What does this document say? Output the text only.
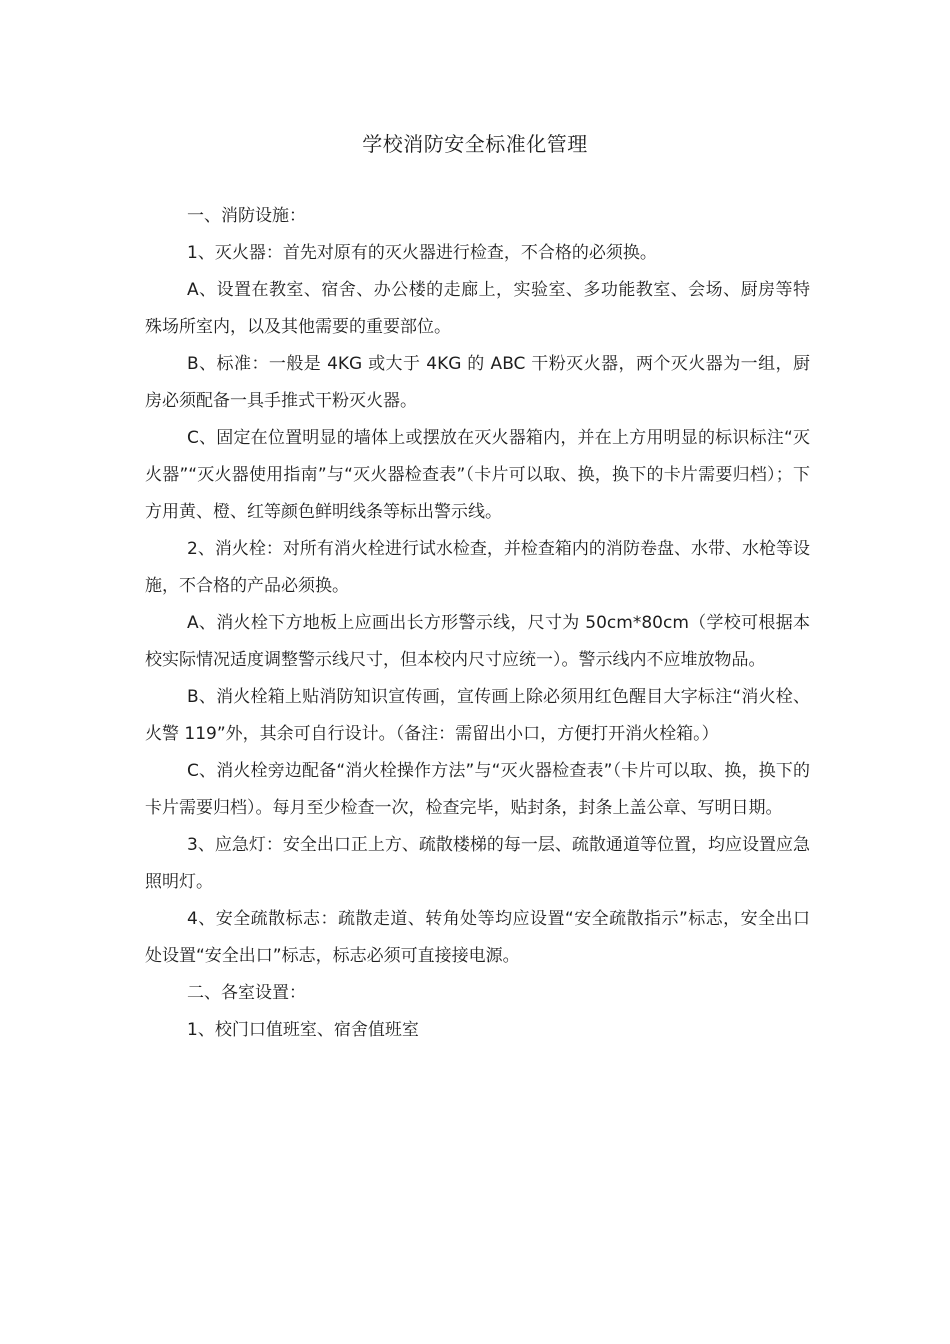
学校消防安全标准化管理

一、消防设施：

1、灭火器：首先对原有的灭火器进行检查，不合格的必须换。

A、设置在教室、宿舍、办公楼的走廊上，实验室、多功能教室、会场、厨房等特殊场所室内，以及其他需要的重要部位。

B、标准：一般是 4KG 或大于 4KG 的 ABC 干粉灭火器，两个灭火器为一组，厨房必须配备一具手推式干粉灭火器。

C、固定在位置明显的墙体上或摆放在灭火器箱内，并在上方用明显的标识标注“灭火器”“灭火器使用指南”与“灭火器检查表”（卡片可以取、换，换下的卡片需要归档）；下方用黄、橙、红等颜色鲜明线条等标出警示线。

2、消火栓：对所有消火栓进行试水检查，并检查箱内的消防卷盘、水带、水枪等设施，不合格的产品必须换。

A、消火栓下方地板上应画出长方形警示线，尺寸为 50cm*80cm（学校可根据本校实际情况适度调整警示线尺寸，但本校内尺寸应统一）。警示线内不应堆放物品。

B、消火栓箱上贴消防知识宣传画，宣传画上除必须用红色醒目大字标注“消火栓、火警 119”外，其余可自行设计。（备注：需留出小口，方便打开消火栓箱。）

C、消火栓旁边配备“消火栓操作方法”与“灭火器检查表”（卡片可以取、换，换下的卡片需要归档）。每月至少检查一次，检查完毕，贴封条，封条上盖公章、写明日期。

3、应急灯：安全出口正上方、疏散楼梯的每一层、疏散通道等位置，均应设置应急照明灯。

4、安全疏散标志：疏散走道、转角处等均应设置“安全疏散指示”标志，安全出口处设置“安全出口”标志，标志必须可直接接电源。

二、各室设置：

1、校门口值班室、宿舍值班室
